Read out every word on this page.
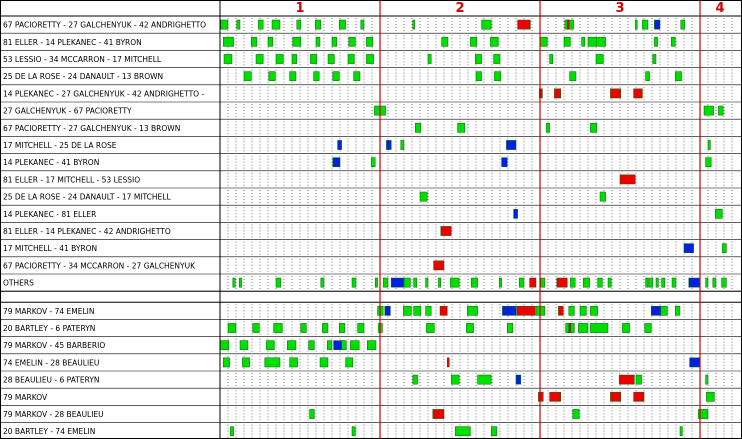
67 PACIORETTY - 27 GALCHENYUK - 42 ANDRIGHETTO
81 ELLER - 14 PLEKANEC - 41 BYRON
53 LESSIO - 34 MCCARRON - 17 MITCHELL
25 DE LA ROSE - 24 DANAULT - 13 BROWN
14 PLEKANEC - 27 GALCHENYUK - 42 ANDRIGHETTO -
27 GALCHENYUK - 67 PACIORETTY
67 PACIORETTY - 27 GALCHENYUK - 13 BROWN
17 MITCHELL - 25 DE LA ROSE
14 PLEKANEC - 41 BYRON
81 ELLER - 17 MITCHELL - 53 LESSIO
25 DE LA ROSE - 24 DANAULT - 17 MITCHELL
14 PLEKANEC - 81 ELLER
81 ELLER - 14 PLEKANEC - 42 ANDRIGHETTO
17 MITCHELL - 41 BYRON
67 PACIORETTY - 34 MCCARRON - 27 GALCHENYUK
OTHERS
79 MARKOV - 74 EMELIN
20 BARTLEY - 6 PATERYN
79 MARKOV - 45 BARBERIO
74 EMELIN - 28 BEAULIEU
28 BEAULIEU - 6 PATERYN
79 MARKOV
79 MARKOV - 28 BEAULIEU
20 BARTLEY - 74 EMELIN
1	2	3	4
